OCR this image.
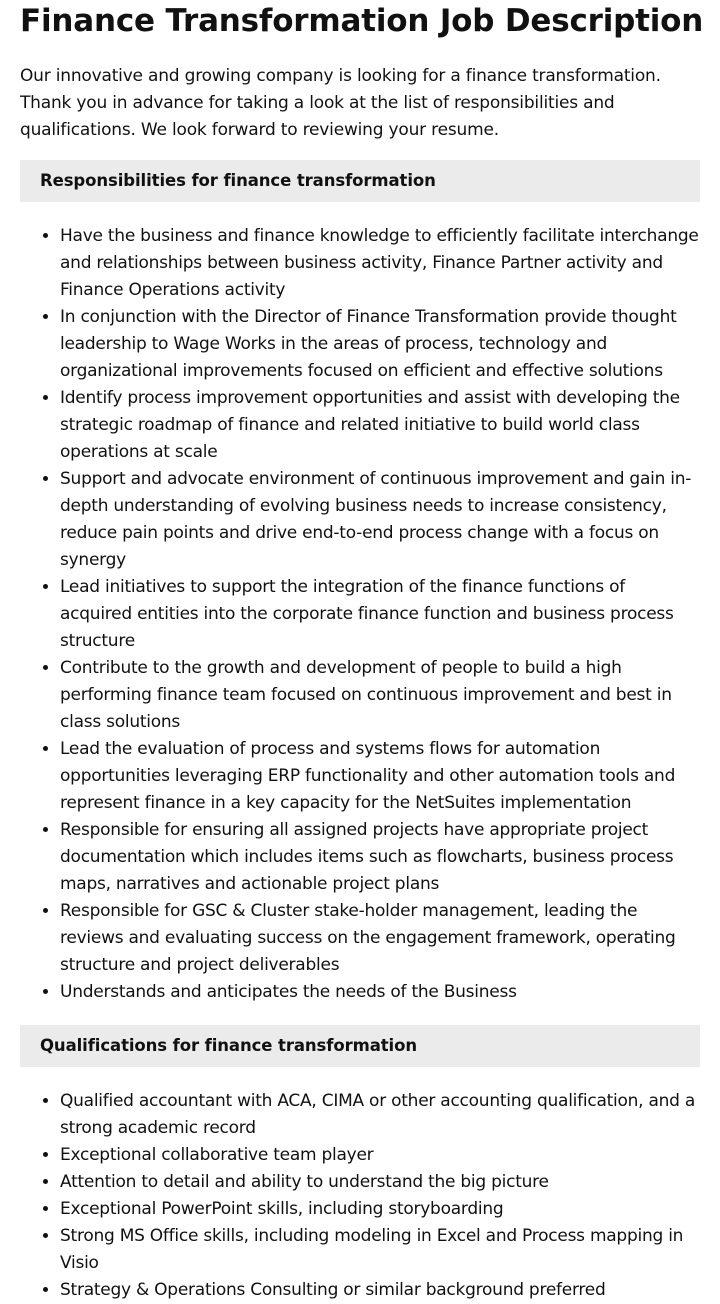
Finance Transformation Job Description

Our innovative and growing company is looking for a finance transformation. Thank you in advance for taking a look at the list of responsibilities and qualifications. We look forward to reviewing your resume.

Responsibilities for finance transformation
• Have the business and finance knowledge to efficiently facilitate interchange and relationships between business activity, Finance Partner activity and Finance Operations activity
• In conjunction with the Director of Finance Transformation provide thought leadership to Wage Works in the areas of process, technology and organizational improvements focused on efficient and effective solutions
• Identify process improvement opportunities and assist with developing the strategic roadmap of finance and related initiative to build world class operations at scale
• Support and advocate environment of continuous improvement and gain in-depth understanding of evolving business needs to increase consistency, reduce pain points and drive end-to-end process change with a focus on synergy
• Lead initiatives to support the integration of the finance functions of acquired entities into the corporate finance function and business process structure
• Contribute to the growth and development of people to build a high performing finance team focused on continuous improvement and best in class solutions
• Lead the evaluation of process and systems flows for automation opportunities leveraging ERP functionality and other automation tools and represent finance in a key capacity for the NetSuites implementation
• Responsible for ensuring all assigned projects have appropriate project documentation which includes items such as flowcharts, business process maps, narratives and actionable project plans
• Responsible for GSC & Cluster stake-holder management, leading the reviews and evaluating success on the engagement framework, operating structure and project deliverables
• Understands and anticipates the needs of the Business
Qualifications for finance transformation
• Qualified accountant with ACA, CIMA or other accounting qualification, and a strong academic record
• Exceptional collaborative team player
• Attention to detail and ability to understand the big picture
• Exceptional PowerPoint skills, including storyboarding
• Strong MS Office skills, including modeling in Excel and Process mapping in Visio
• Strategy & Operations Consulting or similar background preferred
